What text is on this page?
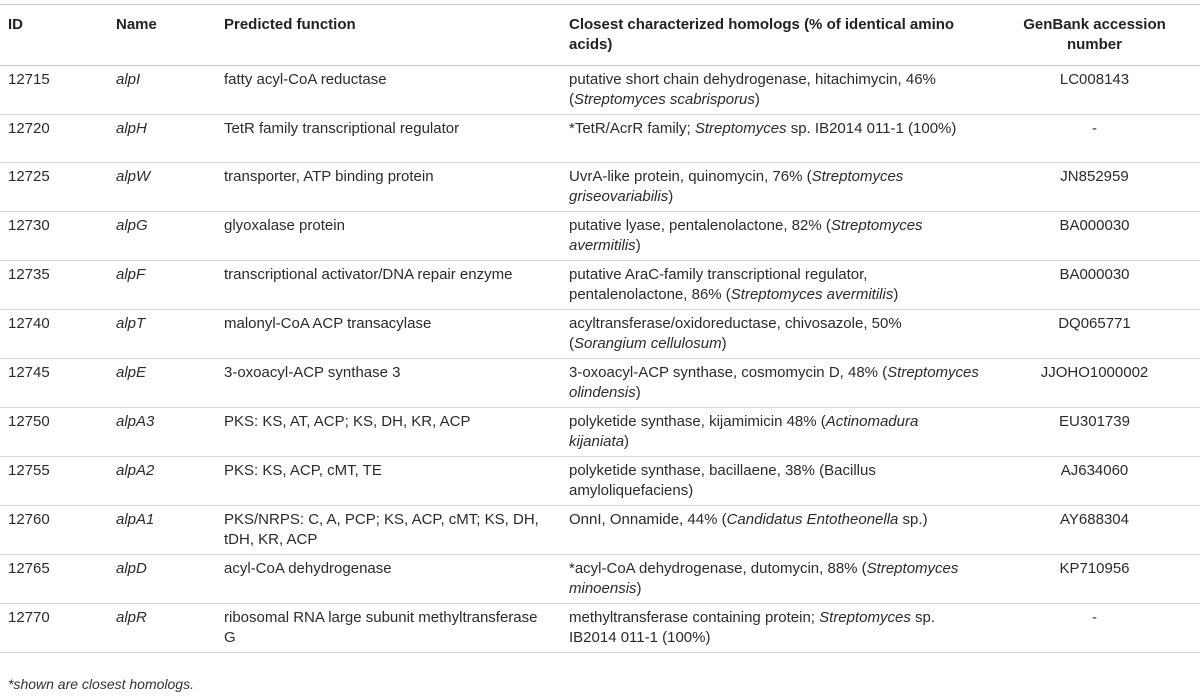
ID	Name	Predicted function	Closest characterized homologs (% of identical amino acids)	GenBank accession number
12715	alpI	fatty acyl-CoA reductase	putative short chain dehydrogenase, hitachimycin, 46% (Streptomyces scabrisporus)	LC008143
12720	alpH	TetR family transcriptional regulator	*TetR/AcrR family; Streptomyces sp. IB2014 011-1 (100%)	-
12725	alpW	transporter, ATP binding protein	UvrA-like protein, quinomycin, 76% (Streptomyces griseovariabilis)	JN852959
12730	alpG	glyoxalase protein	putative lyase, pentalenolactone, 82% (Streptomyces avermitilis)	BA000030
12735	alpF	transcriptional activator/DNA repair enzyme	putative AraC-family transcriptional regulator, pentalenolactone, 86% (Streptomyces avermitilis)	BA000030
12740	alpT	malonyl-CoA ACP transacylase	acyltransferase/oxidoreductase, chivosazole, 50% (Sorangium cellulosum)	DQ065771
12745	alpE	3-oxoacyl-ACP synthase 3	3-oxoacyl-ACP synthase, cosmomycin D, 48% (Streptomyces olindensis)	JJOHO1000002
12750	alpA3	PKS: KS, AT, ACP; KS, DH, KR, ACP	polyketide synthase, kijamimicin 48% (Actinomadura kijaniata)	EU301739
12755	alpA2	PKS: KS, ACP, cMT, TE	polyketide synthase, bacillaene, 38% (Bacillus amyloliquefaciens)	AJ634060
12760	alpA1	PKS/NRPS: C, A, PCP; KS, ACP, cMT; KS, DH, tDH, KR, ACP	OnnI, Onnamide, 44% (Candidatus Entotheonella sp.)	AY688304
12765	alpD	acyl-CoA dehydrogenase	*acyl-CoA dehydrogenase, dutomycin, 88% (Streptomyces minoensis)	KP710956
12770	alpR	ribosomal RNA large subunit methyltransferase G	methyltransferase containing protein; Streptomyces sp. IB2014 011-1 (100%)	-
*shown are closest homologs.
